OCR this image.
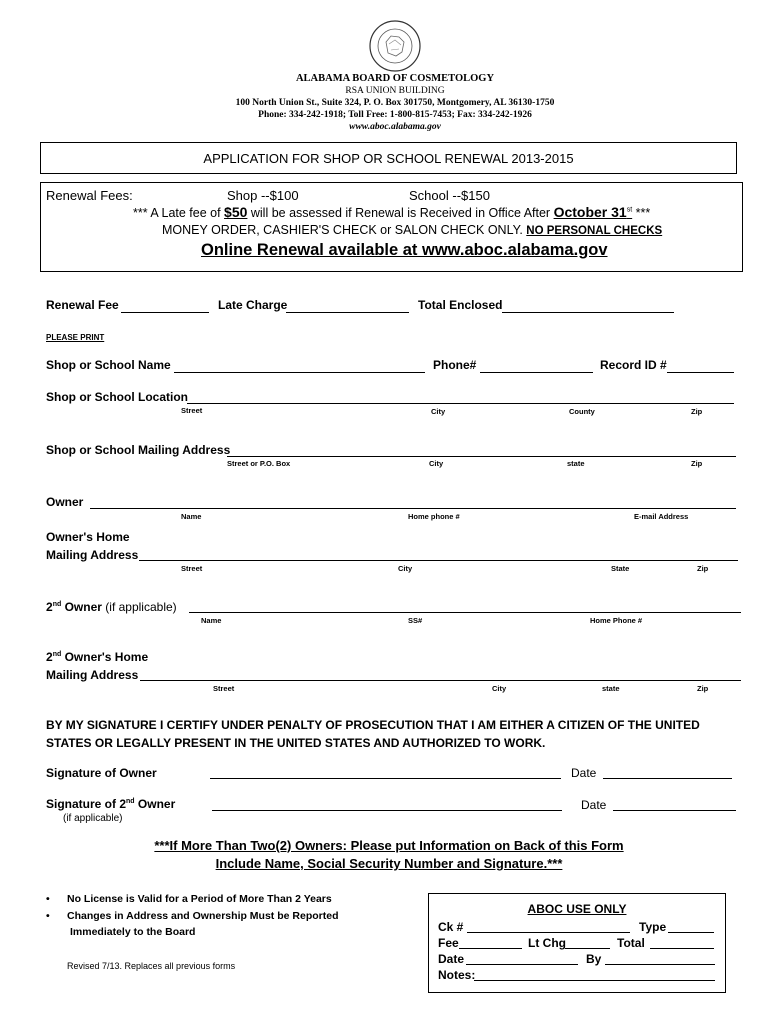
ALABAMA BOARD OF COSMETOLOGY
RSA UNION BUILDING
100 North Union St., Suite 324, P. O. Box 301750, Montgomery, AL 36130-1750
Phone: 334-242-1918; Toll Free: 1-800-815-7453; Fax: 334-242-1926
www.aboc.alabama.gov
APPLICATION FOR SHOP OR SCHOOL RENEWAL 2013-2015
Renewal Fees:	Shop --$100	School --$150
*** A Late fee of $50 will be assessed if Renewal is Received in Office After October 31st ***
MONEY ORDER, CASHIER'S CHECK or SALON CHECK ONLY. NO PERSONAL CHECKS
Online Renewal available at www.aboc.alabama.gov
Renewal Fee	Late Charge	Total Enclosed
PLEASE PRINT
Shop or School Name	Phone#	Record ID #
Shop or School Location
Street	City	County	Zip
Shop or School Mailing Address
Street or P.O. Box	City	state	Zip
Owner
Name	Home phone #	E-mail Address
Owner's Home
Mailing Address
Street	City	State	Zip
2nd Owner (if applicable)
Name	SS#	Home Phone #
2nd Owner's Home
Mailing Address
Street	City	state	Zip
BY MY SIGNATURE I CERTIFY UNDER PENALTY OF PROSECUTION THAT I AM EITHER A CITIZEN OF THE UNITED STATES OR LEGALLY PRESENT IN THE UNITED STATES AND AUTHORIZED TO WORK.
Signature of Owner	Date
Signature of 2nd Owner	Date
(if applicable)
***If More Than Two(2) Owners: Please put Information on Back of this Form
Include Name, Social Security Number and Signature.***
• No License is Valid for a Period of More Than 2 Years
• Changes in Address and Ownership Must be Reported
Immediately to the Board
Revised 7/13. Replaces all previous forms
ABOC USE ONLY
Ck #	Type
Fee	Lt Chg	Total
Date	By
Notes:
